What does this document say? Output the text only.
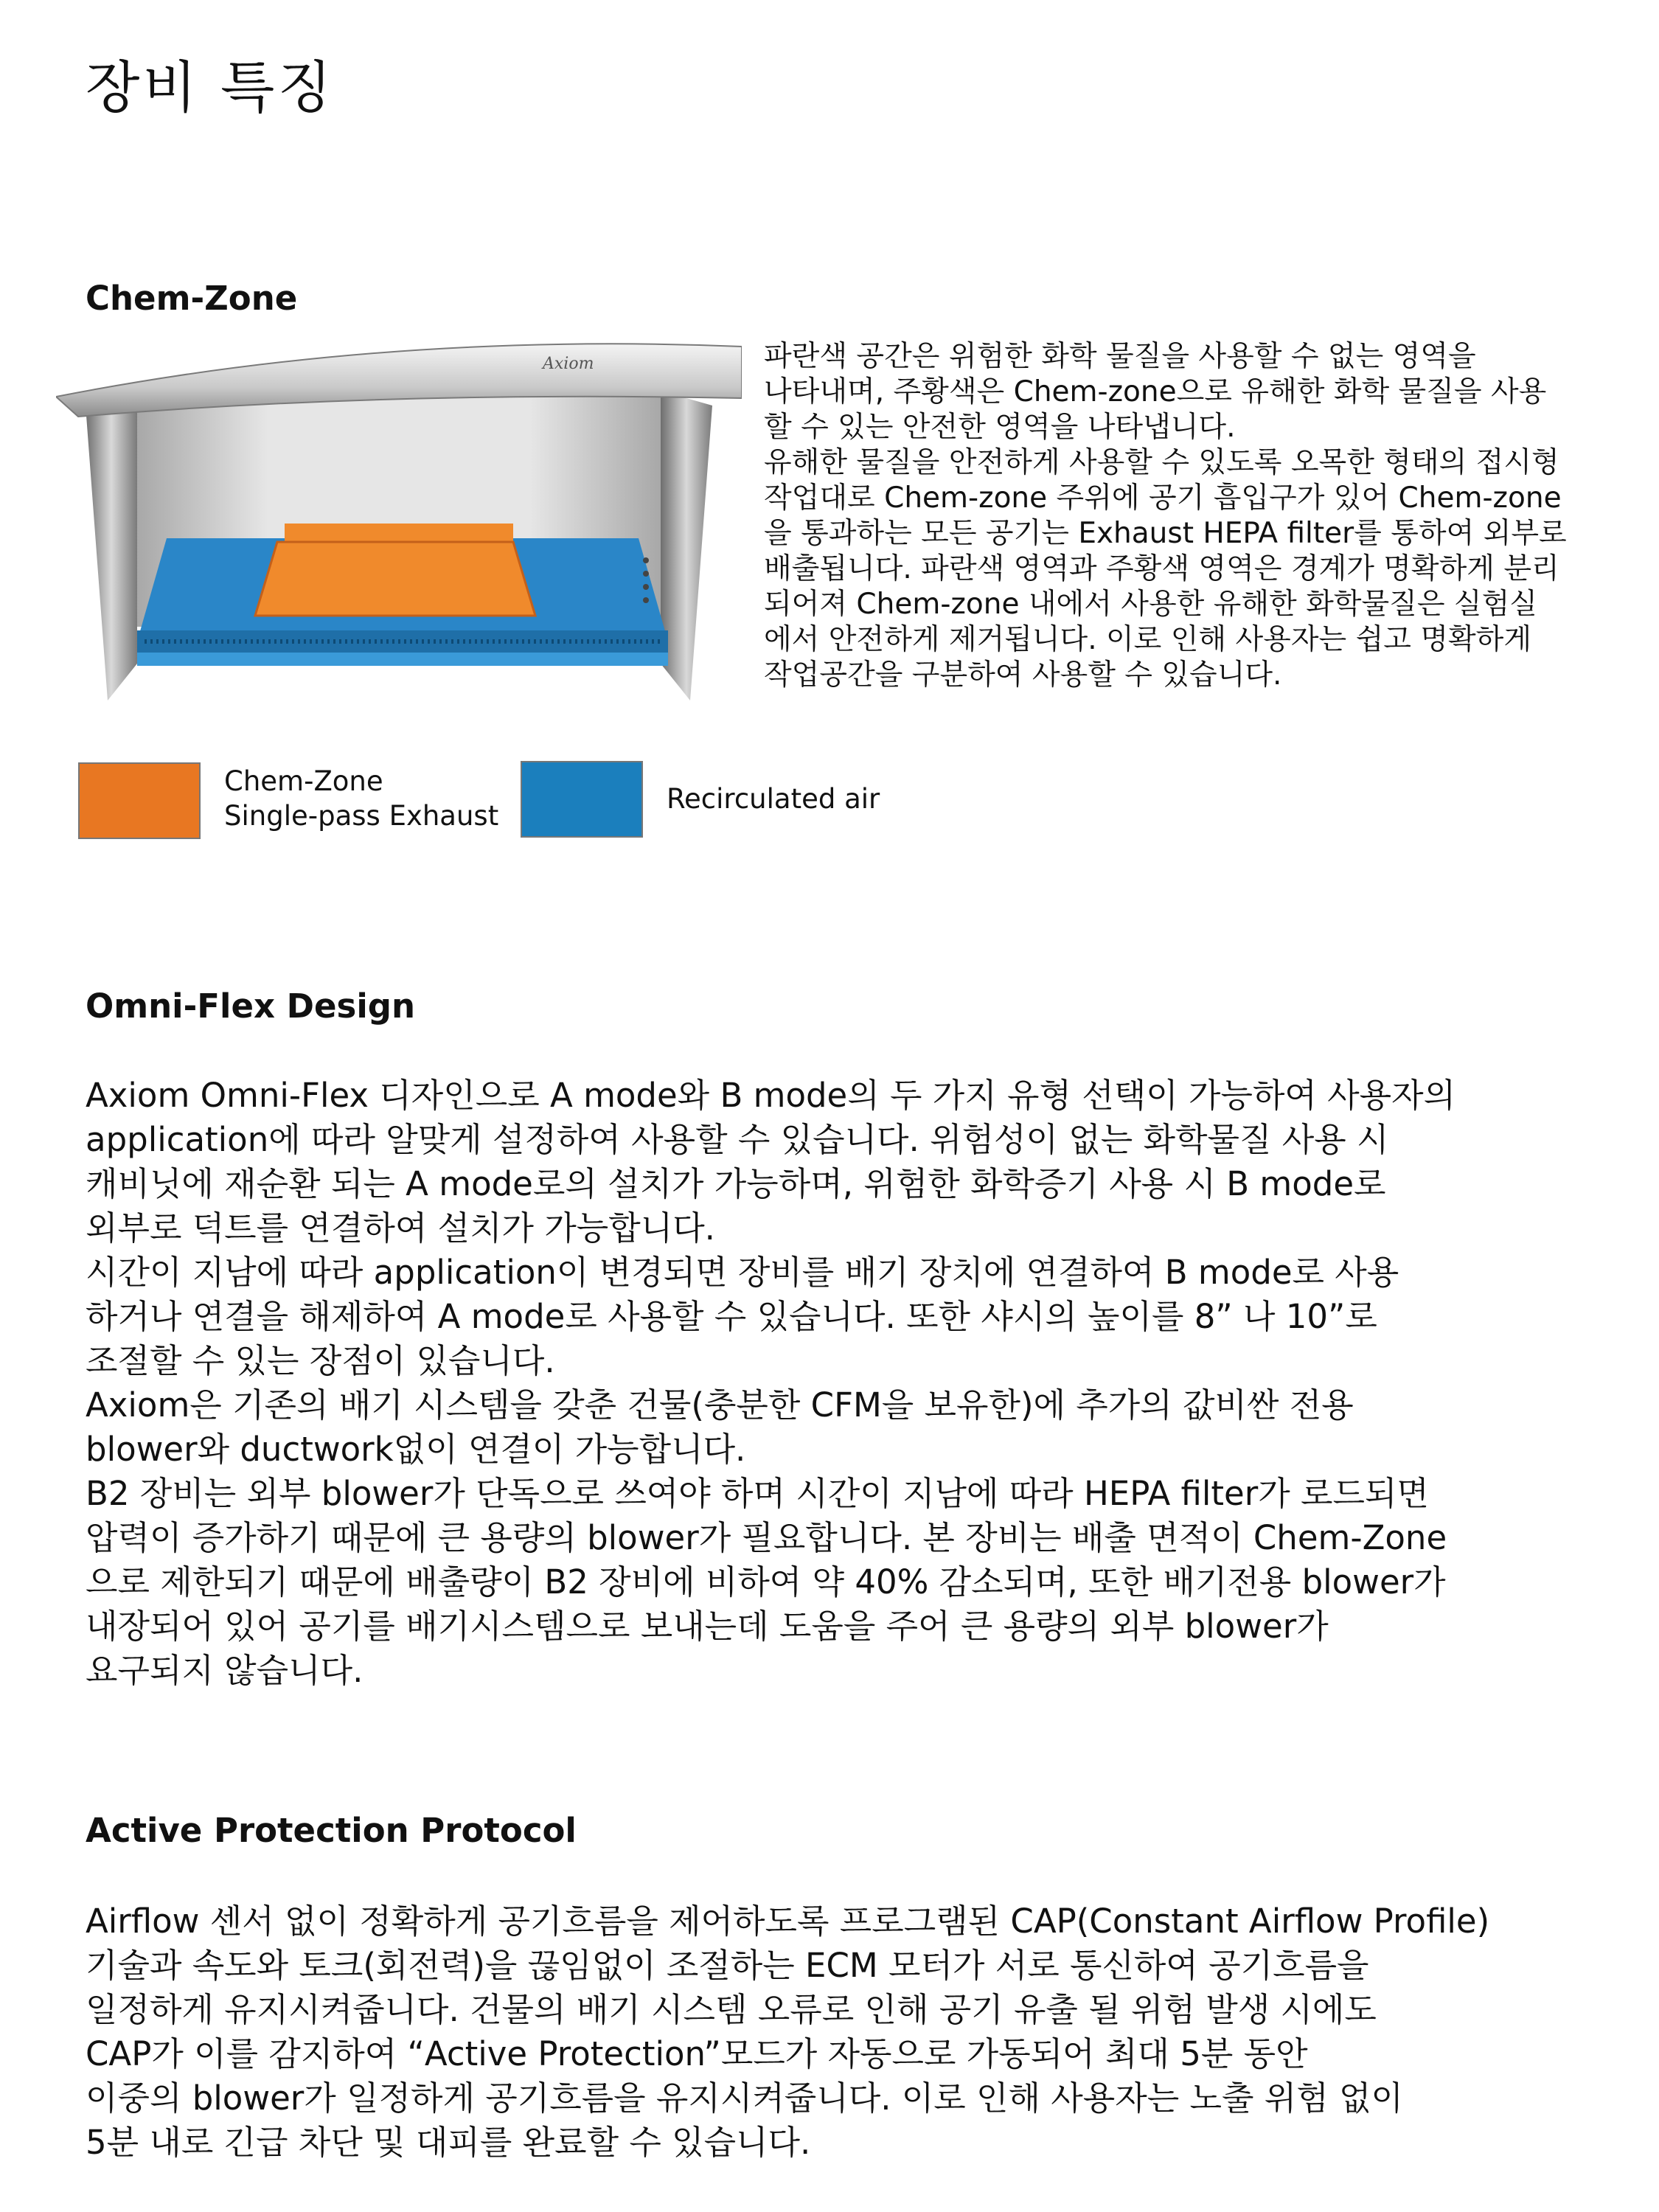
장비 특징
Chem-Zone
Axiom	파란색 공간은 위험한 화학 물질을 사용할 수 없는 영역을
나타내며, 주황색은 Chem-zone으로 유해한 화학 물질을 사용
할 수 있는 안전한 영역을 나타냅니다.
유해한 물질을 안전하게 사용할 수 있도록 오목한 형태의 접시형
작업대로 Chem-zone 주위에 공기 흡입구가 있어 Chem-zone
을 통과하는 모든 공기는 Exhaust HEPA filter를 통하여 외부로
배출됩니다. 파란색 영역과 주황색 영역은 경계가 명확하게 분리
되어져 Chem-zone 내에서 사용한 유해한 화학물질은 실험실
에서 안전하게 제거됩니다. 이로 인해 사용자는 쉽고 명확하게
작업공간을 구분하여 사용할 수 있습니다.

Chem-Zone
Single-pass Exhaust
Recirculated air
Omni-Flex Design

Axiom Omni-Flex 디자인으로 A mode와 B mode의 두 가지 유형 선택이 가능하여 사용자의
application에 따라 알맞게 설정하여 사용할 수 있습니다. 위험성이 없는 화학물질 사용 시
캐비닛에 재순환 되는 A mode로의 설치가 가능하며, 위험한 화학증기 사용 시 B mode로
외부로 덕트를 연결하여 설치가 가능합니다.
시간이 지남에 따라 application이 변경되면 장비를 배기 장치에 연결하여 B mode로 사용
하거나 연결을 해제하여 A mode로 사용할 수 있습니다. 또한 샤시의 높이를 8” 나 10”로
조절할 수 있는 장점이 있습니다.
Axiom은 기존의 배기 시스템을 갖춘 건물(충분한 CFM을 보유한)에 추가의 값비싼 전용
blower와 ductwork없이 연결이 가능합니다.
B2 장비는 외부 blower가 단독으로 쓰여야 하며 시간이 지남에 따라 HEPA filter가 로드되면
압력이 증가하기 때문에 큰 용량의 blower가 필요합니다. 본 장비는 배출 면적이 Chem-Zone
으로 제한되기 때문에 배출량이 B2 장비에 비하여 약 40% 감소되며, 또한 배기전용 blower가
내장되어 있어 공기를 배기시스템으로 보내는데 도움을 주어 큰 용량의 외부 blower가
요구되지 않습니다.

Active Protection Protocol

Airflow 센서 없이 정확하게 공기흐름을 제어하도록 프로그램된 CAP(Constant Airflow Profile)
기술과 속도와 토크(회전력)을 끊임없이 조절하는 ECM 모터가 서로 통신하여 공기흐름을
일정하게 유지시켜줍니다. 건물의 배기 시스템 오류로 인해 공기 유출 될 위험 발생 시에도
CAP가 이를 감지하여 “Active Protection”모드가 자동으로 가동되어 최대 5분 동안
이중의 blower가 일정하게 공기흐름을 유지시켜줍니다. 이로 인해 사용자는 노출 위험 없이
5분 내로 긴급 차단 및 대피를 완료할 수 있습니다.
